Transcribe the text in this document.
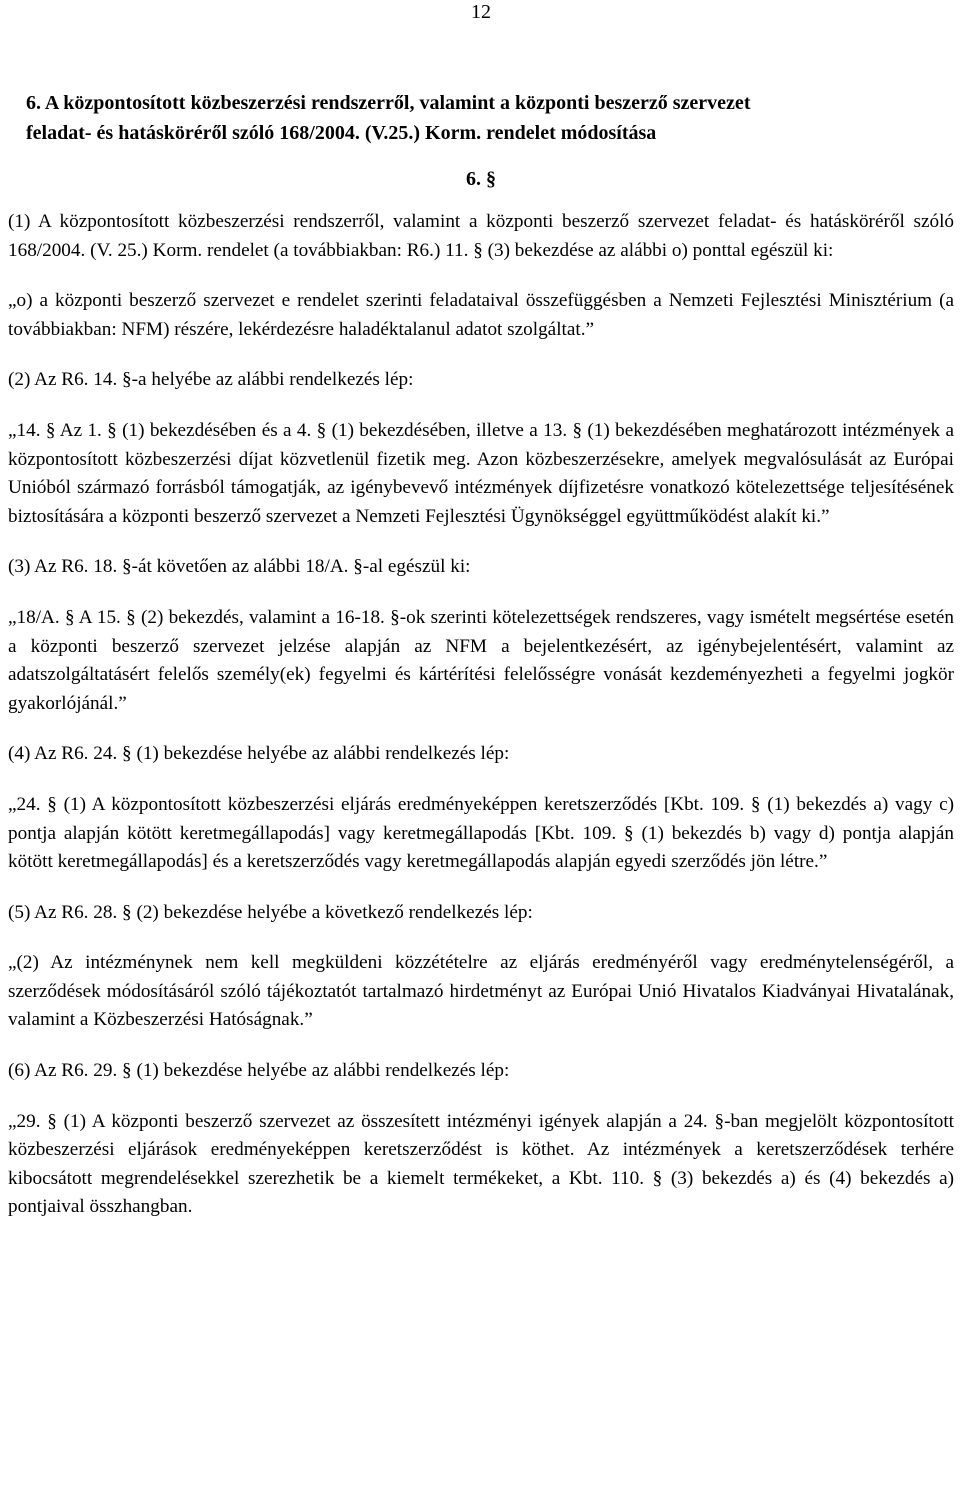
12

6. A központosított közbeszerzési rendszerről, valamint a központi beszerző szervezet

feladat- és hatásköréről szóló 168/2004. (V.25.) Korm. rendelet módosítása

6. §

(1) A központosított közbeszerzési rendszerről, valamint a központi beszerző szervezet feladat- és hatásköréről szóló 168/2004. (V. 25.) Korm. rendelet (a továbbiakban: R6.) 11. § (3) bekezdése az alábbi o) ponttal egészül ki:

„o) a központi beszerző szervezet e rendelet szerinti feladataival összefüggésben a Nemzeti Fejlesztési Minisztérium (a továbbiakban: NFM) részére, lekérdezésre haladéktalanul adatot szolgáltat.”

(2) Az R6. 14. §-a helyébe az alábbi rendelkezés lép:

„14. § Az 1. § (1) bekezdésében és a 4. § (1) bekezdésében, illetve a 13. § (1) bekezdésében meghatározott intézmények a központosított közbeszerzési díjat közvetlenül fizetik meg. Azon közbeszerzésekre, amelyek megvalósulását az Európai Unióból származó forrásból támogatják, az igénybevevő intézmények díjfizetésre vonatkozó kötelezettsége teljesítésének biztosítására a központi beszerző szervezet a Nemzeti Fejlesztési Ügynökséggel együttműködést alakít ki.”

(3) Az R6. 18. §-át követően az alábbi 18/A. §-al egészül ki:

„18/A. § A 15. § (2) bekezdés, valamint a 16-18. §-ok szerinti kötelezettségek rendszeres, vagy ismételt megsértése esetén a központi beszerző szervezet jelzése alapján az NFM a bejelentkezésért, az igénybejelentésért, valamint az adatszolgáltatásért felelős személy(ek) fegyelmi és kártérítési felelősségre vonását kezdeményezheti a fegyelmi jogkör gyakorlójánál.”

(4) Az R6. 24. § (1) bekezdése helyébe az alábbi rendelkezés lép:

„24. § (1) A központosított közbeszerzési eljárás eredményeképpen keretszerződés [Kbt. 109. § (1) bekezdés a) vagy c) pontja alapján kötött keretmegállapodás] vagy keretmegállapodás [Kbt. 109. § (1) bekezdés b) vagy d) pontja alapján kötött keretmegállapodás] és a keretszerződés vagy keretmegállapodás alapján egyedi szerződés jön létre.”

(5) Az R6. 28. § (2) bekezdése helyébe a következő rendelkezés lép:

„(2) Az intézménynek nem kell megküldeni közzétételre az eljárás eredményéről vagy eredménytelenségéről, a szerződések módosításáról szóló tájékoztatót tartalmazó hirdetményt az Európai Unió Hivatalos Kiadványai Hivatalának, valamint a Közbeszerzési Hatóságnak.”

(6) Az R6. 29. § (1) bekezdése helyébe az alábbi rendelkezés lép:

„29. § (1) A központi beszerző szervezet az összesített intézményi igények alapján a 24. §-ban megjelölt központosított közbeszerzési eljárások eredményeképpen keretszerződést is köthet. Az intézmények a keretszerződések terhére kibocsátott megrendelésekkel szerezhetik be a kiemelt termékeket, a Kbt. 110. § (3) bekezdés a) és (4) bekezdés a) pontjaival összhangban.
